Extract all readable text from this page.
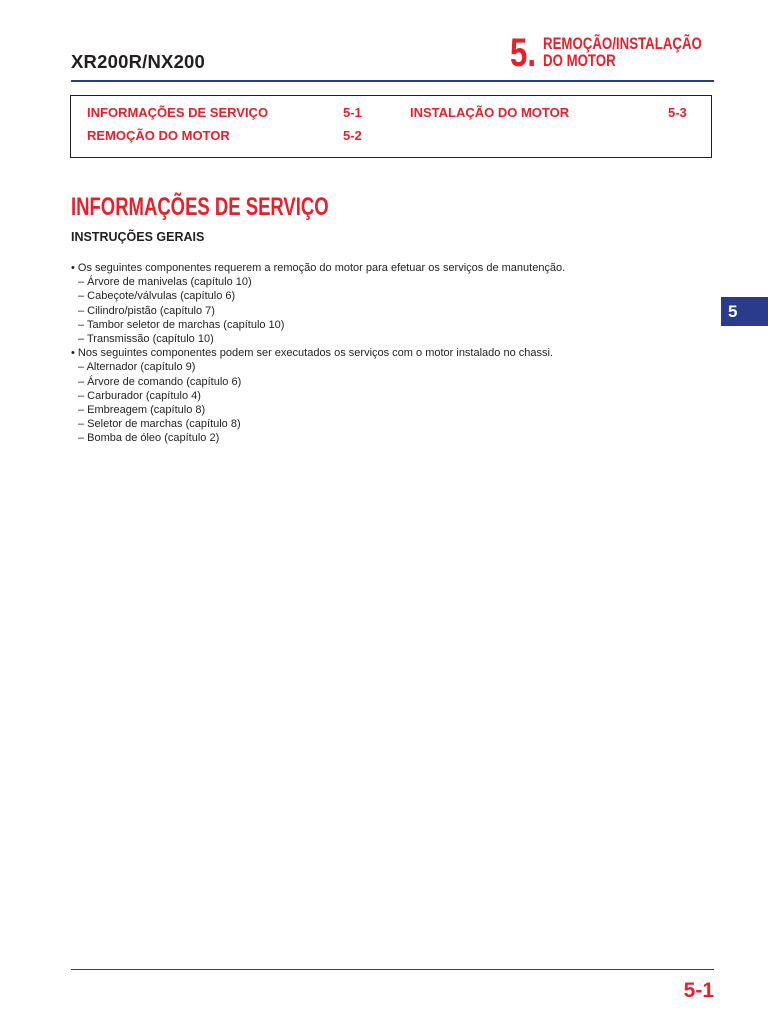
XR200R/NX200	5. REMOÇÃO/INSTALAÇÃO
DO MOTOR
INFORMAÇÕES DE SERVIÇO	5-1
REMOÇÃO DO MOTOR	5-2
INSTALAÇÃO DO MOTOR	5-3
INFORMAÇÕES DE SERVIÇO
INSTRUÇÕES GERAIS
• Os seguintes componentes requerem a remoção do motor para efetuar os serviços de manutenção.
– Árvore de manivelas (capítulo 10)
– Cabeçote/válvulas (capítulo 6)
– Cilindro/pistão (capítulo 7)
– Tambor seletor de marchas (capítulo 10)
– Transmissão (capítulo 10)
• Nos seguintes componentes podem ser executados os serviços com o motor instalado no chassi.
– Alternador (capítulo 9)
– Árvore de comando (capítulo 6)
– Carburador (capítulo 4)
– Embreagem (capítulo 8)
– Seletor de marchas (capítulo 8)
– Bomba de óleo (capítulo 2)
5
5-1
